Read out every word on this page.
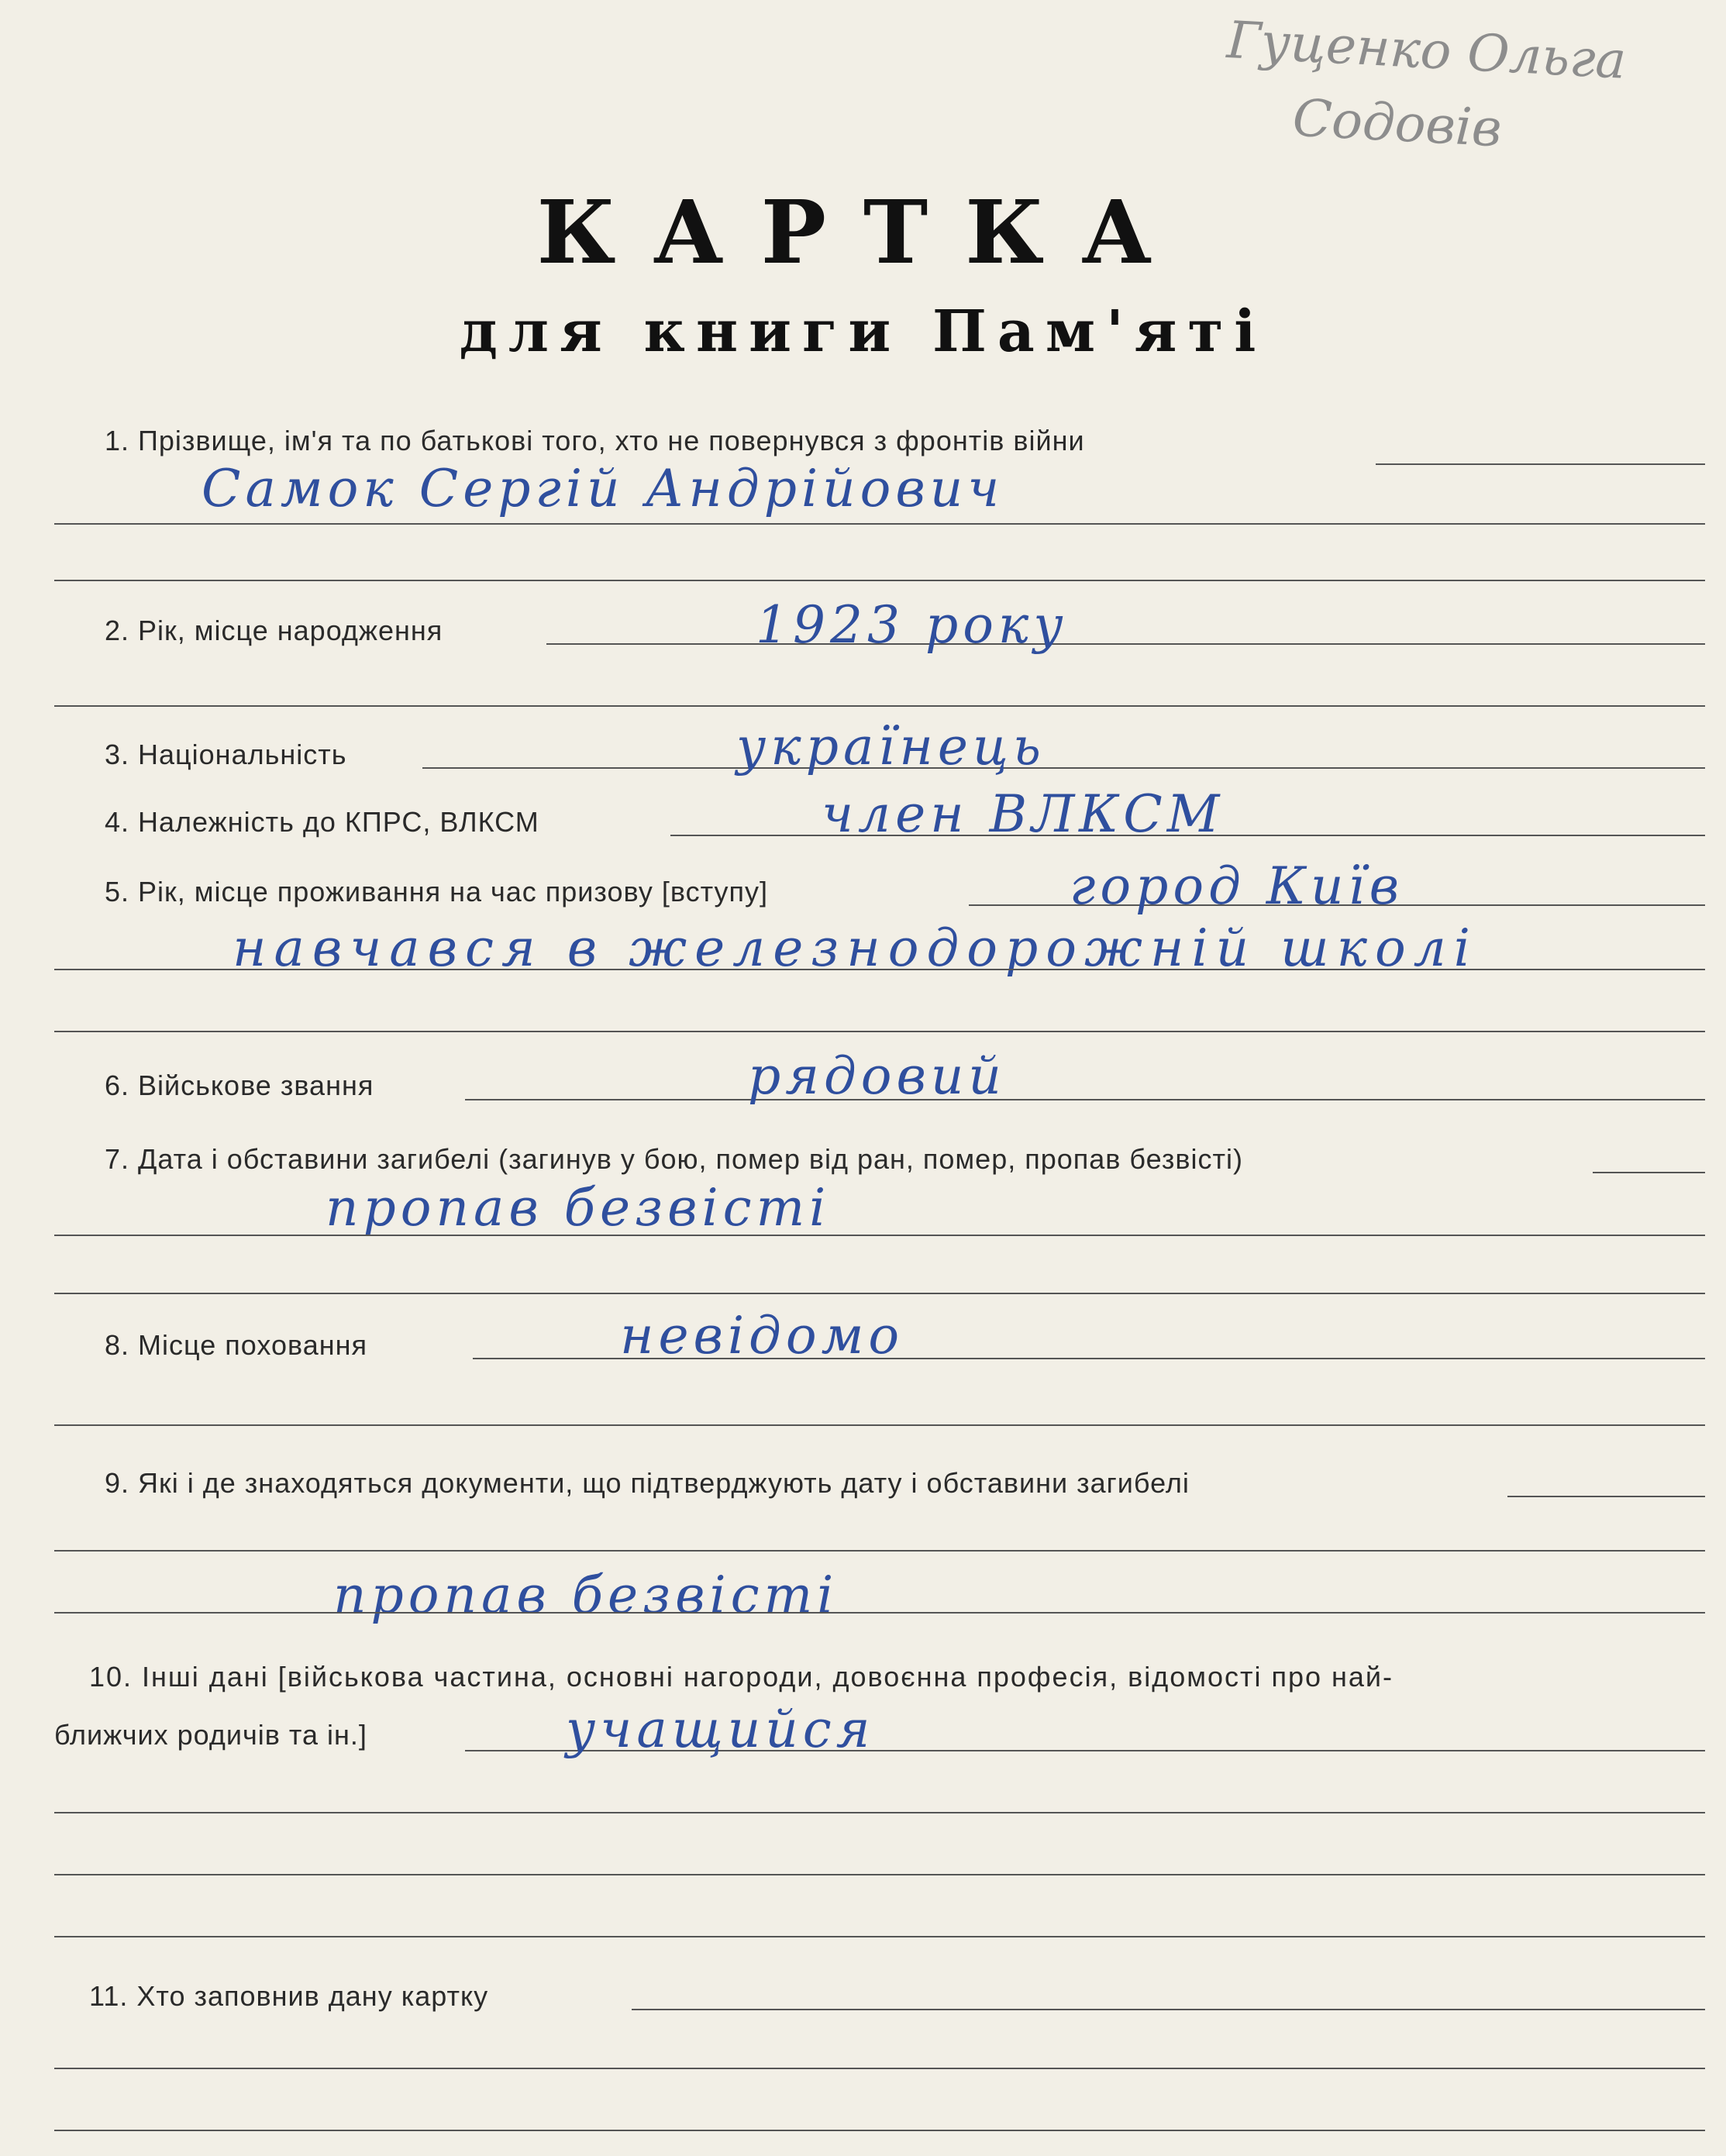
Гуценко Ольга
Содовів
КАРТКА
для книги Пам'яті
1. Прізвище, ім'я та по батькові того, хто не повернувся з фронтів війни
Самок Сергій Андрійович
2. Рік, місце народження	1923 року
3. Національність	українець
4. Належність до КПРС, ВЛКСМ	член ВЛКСМ
5. Рік, місце проживання на час призову [вступу]	город Київ
навчався в железнодорожній школі
6. Військове звання	рядовий
7. Дата і обставини загибелі (загинув у бою, помер від ран, помер, пропав безвісті)
пропав безвісті
8. Місце поховання	невідомо
9. Які і де знаходяться документи, що підтверджують дату і обставини загибелі
пропав безвісті
10. Інші дані [військова частина, основні нагороди, довоєнна професія, відомості про най-
ближчих родичів та ін.]	учащийся
11. Хто заповнив дану картку
